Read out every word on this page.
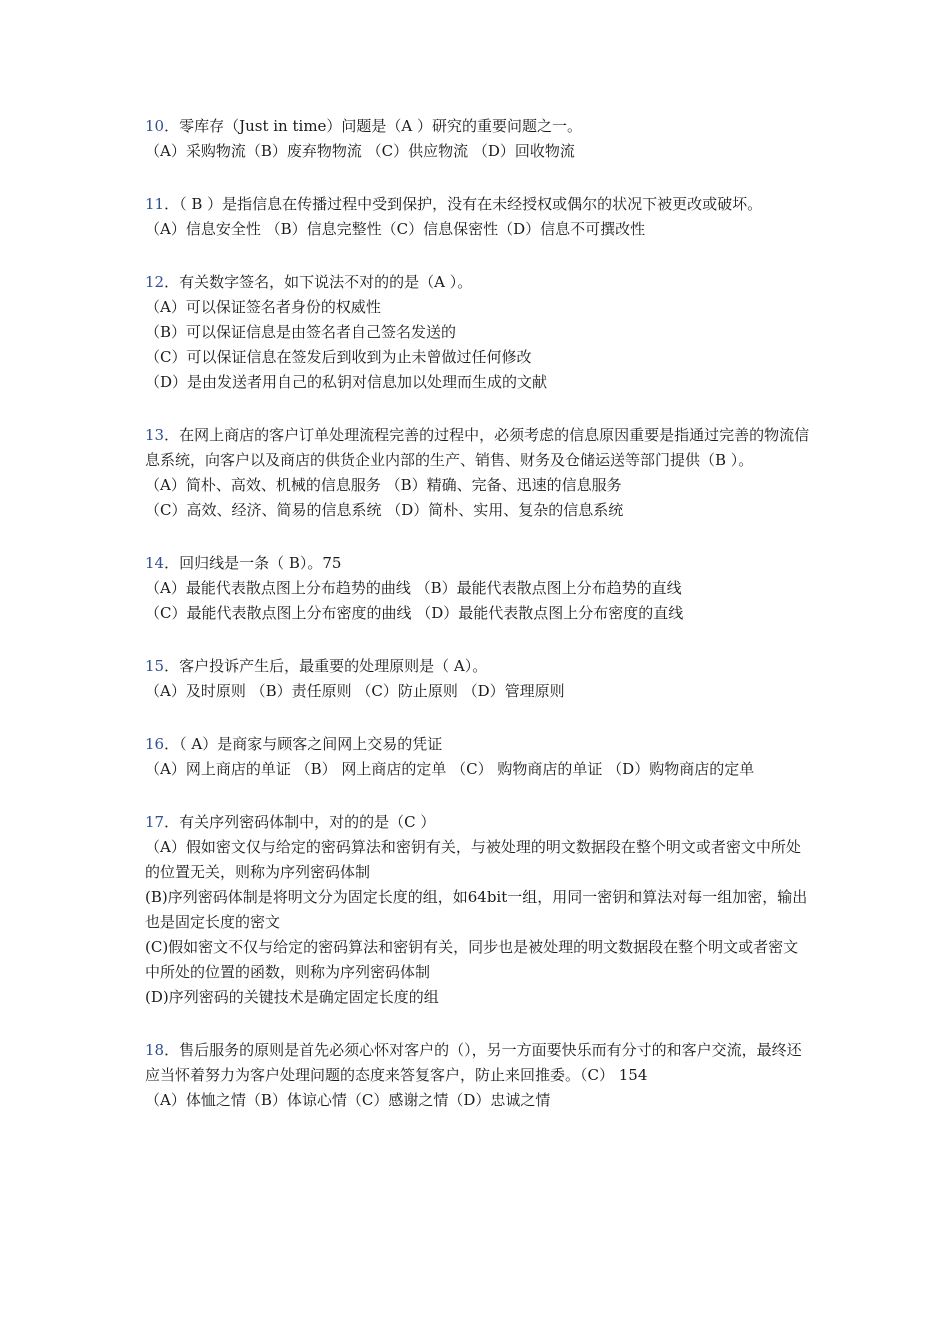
10．零库存（Just in time）问题是（A ）研究的重要问题之一。
（A）采购物流（B）废弃物物流 （C）供应物流 （D）回收物流
11．（ B ）是指信息在传播过程中受到保护，没有在未经授权或偶尔的状况下被更改或破坏。
（A）信息安全性 （B）信息完整性（C）信息保密性（D）信息不可撰改性
12．有关数字签名，如下说法不对的的是（A ）。
（A）可以保证签名者身份的权威性
（B）可以保证信息是由签名者自己签名发送的
（C）可以保证信息在签发后到收到为止未曾做过任何修改
（D）是由发送者用自己的私钥对信息加以处理而生成的文献
13．在网上商店的客户订单处理流程完善的过程中，必须考虑的信息原因重要是指通过完善的物流信息系统，向客户以及商店的供货企业内部的生产、销售、财务及仓储运送等部门提供（B ）。
（A）简朴、高效、机械的信息服务 （B）精确、完备、迅速的信息服务
（C）高效、经济、简易的信息系统 （D）简朴、实用、复杂的信息系统
14．回归线是一条（ B）。75
（A）最能代表散点图上分布趋势的曲线 （B）最能代表散点图上分布趋势的直线
（C）最能代表散点图上分布密度的曲线 （D）最能代表散点图上分布密度的直线
15．客户投诉产生后，最重要的处理原则是（ A）。
（A）及时原则 （B）责任原则 （C）防止原则 （D）管理原则
16．（ A）是商家与顾客之间网上交易的凭证
（A）网上商店的单证 （B） 网上商店的定单 （C） 购物商店的单证 （D）购物商店的定单
17．有关序列密码体制中，对的的是（C ）
（A）假如密文仅与给定的密码算法和密钥有关，与被处理的明文数据段在整个明文或者密文中所处的位置无关，则称为序列密码体制
(B)序列密码体制是将明文分为固定长度的组，如64bit一组，用同一密钥和算法对每一组加密，输出也是固定长度的密文
(C)假如密文不仅与给定的密码算法和密钥有关，同步也是被处理的明文数据段在整个明文或者密文中所处的位置的函数，则称为序列密码体制
(D)序列密码的关键技术是确定固定长度的组
18．售后服务的原则是首先必须心怀对客户的（），另一方面要快乐而有分寸的和客户交流，最终还应当怀着努力为客户处理问题的态度来答复客户，防止来回推委。（C） 154
（A）体恤之情（B）体谅心情（C）感谢之情（D）忠诚之情
